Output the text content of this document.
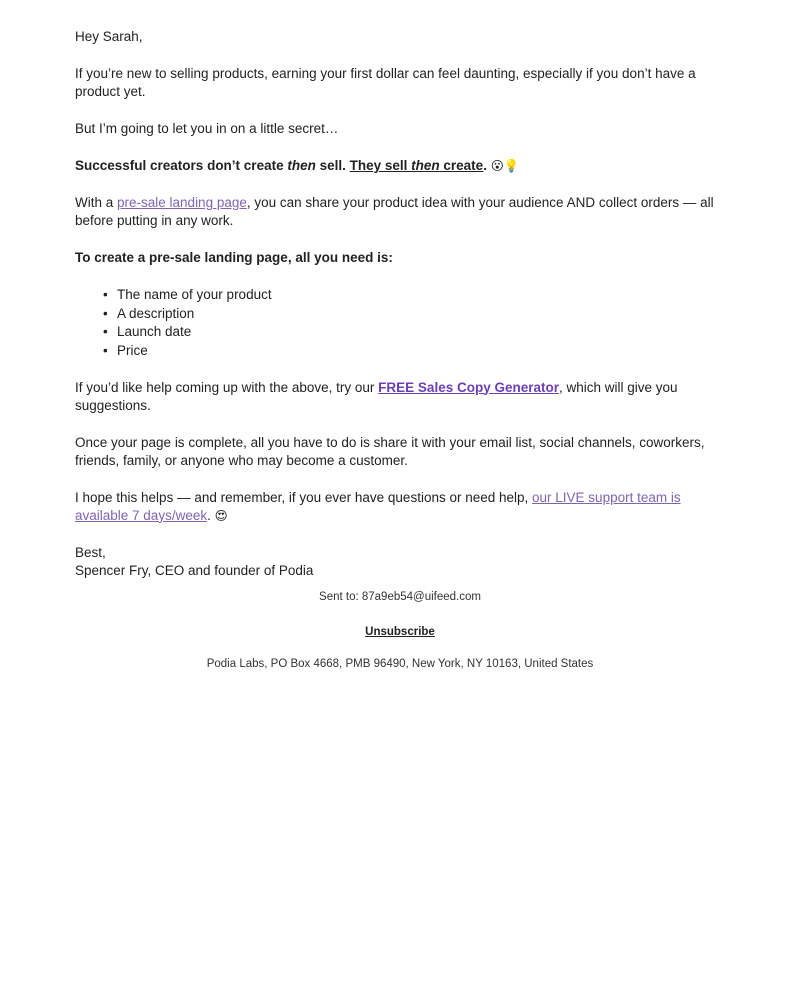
Hey Sarah,

If you’re new to selling products, earning your first dollar can feel daunting, especially if you don’t have a product yet.

But I’m going to let you in on a little secret…

Successful creators don’t create then sell. They sell then create. 😮💡

With a pre-sale landing page, you can share your product idea with your audience AND collect orders — all before putting in any work.

To create a pre-sale landing page, all you need is:

• The name of your product
• A description
• Launch date
• Price

If you’d like help coming up with the above, try our FREE Sales Copy Generator, which will give you suggestions.

Once your page is complete, all you have to do is share it with your email list, social channels, coworkers, friends, family, or anyone who may become a customer.

I hope this helps — and remember, if you ever have questions or need help, our LIVE support team is available 7 days/week. 😍

Best,

Spencer Fry, CEO and founder of Podia

Sent to: 87a9eb54@uifeed.com
Unsubscribe
Podia Labs, PO Box 4668, PMB 96490, New York, NY 10163, United States
